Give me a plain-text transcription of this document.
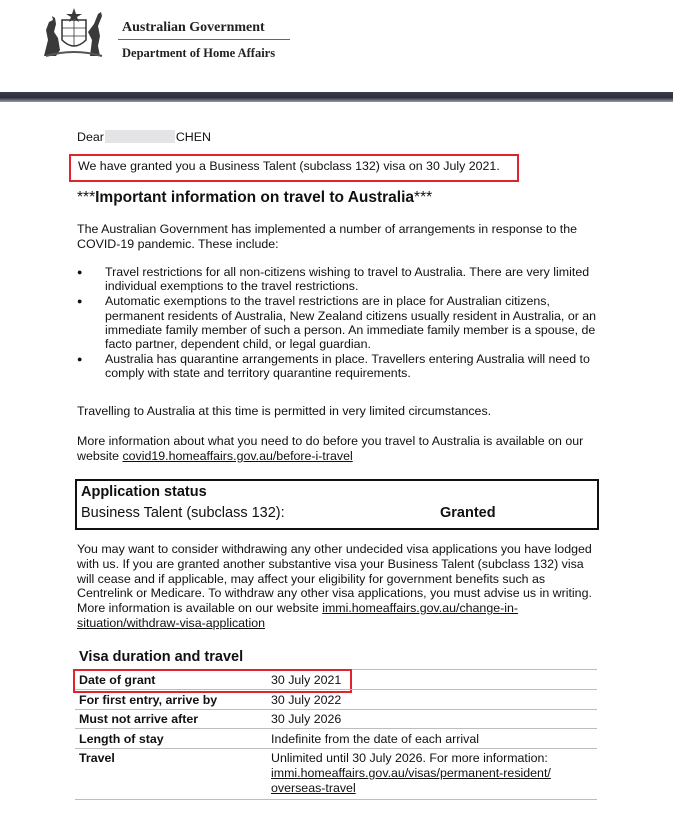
Australian Government
Department of Home Affairs
Dear	CHEN
We have granted you a Business Talent (subclass 132) visa on 30 July 2021.
***Important information on travel to Australia***
The Australian Government has implemented a number of arrangements in response to the COVID-19 pandemic. These include:
● Travel restrictions for all non-citizens wishing to travel to Australia. There are very limited individual exemptions to the travel restrictions.
● Automatic exemptions to the travel restrictions are in place for Australian citizens, permanent residents of Australia, New Zealand citizens usually resident in Australia, or an immediate family member of such a person. An immediate family member is a spouse, de facto partner, dependent child, or legal guardian.
● Australia has quarantine arrangements in place. Travellers entering Australia will need to comply with state and territory quarantine requirements.
Travelling to Australia at this time is permitted in very limited circumstances.
More information about what you need to do before you travel to Australia is available on our website covid19.homeaffairs.gov.au/before-i-travel
Application status
Business Talent (subclass 132):	Granted
You may want to consider withdrawing any other undecided visa applications you have lodged with us. If you are granted another substantive visa your Business Talent (subclass 132) visa will cease and if applicable, may affect your eligibility for government benefits such as Centrelink or Medicare. To withdraw any other visa applications, you must advise us in writing. More information is available on our website immi.homeaffairs.gov.au/change-in-situation/withdraw-visa-application
Visa duration and travel
Date of grant	30 July 2021
For first entry, arrive by	30 July 2022
Must not arrive after	30 July 2026
Length of stay	Indefinite from the date of each arrival
Travel	Unlimited until 30 July 2026. For more information:
immi.homeaffairs.gov.au/visas/permanent-resident/
overseas-travel
